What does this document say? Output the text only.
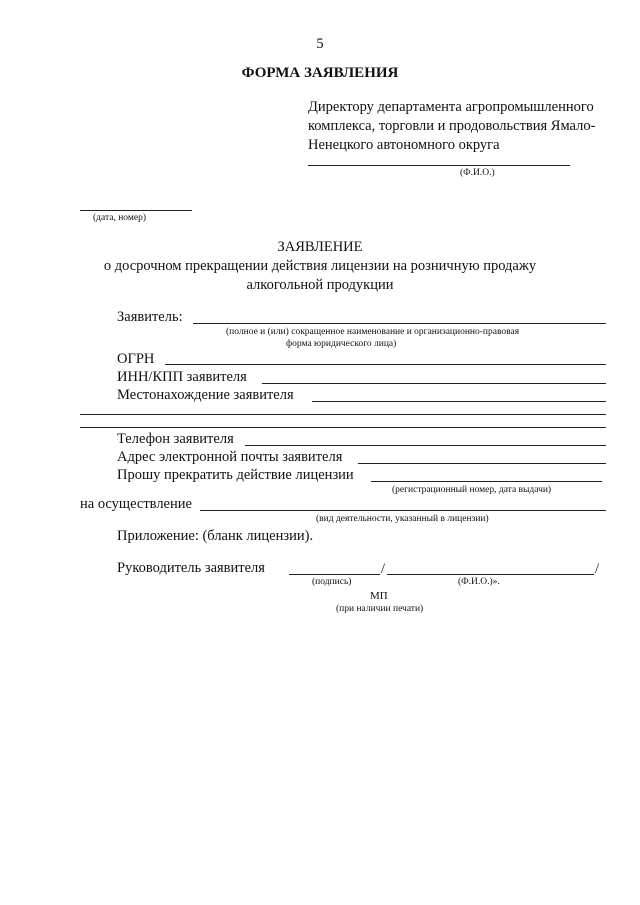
5
ФОРМА ЗАЯВЛЕНИЯ
Директору департамента агропромышленного
комплекса, торговли и продовольствия Ямало-
Ненецкого автономного округа
(Ф.И.О.)
(дата, номер)
ЗАЯВЛЕНИЕ
о досрочном прекращении действия лицензии на розничную продажу
алкогольной продукции
Заявитель:
(полное и (или) сокращенное наименование и организационно-правовая
форма юридического лица)
ОГРН
ИНН/КПП заявителя
Местонахождение заявителя
Телефон заявителя
Адрес электронной почты заявителя
Прошу прекратить действие лицензии
(регистрационный номер, дата выдачи)
на осуществление
(вид деятельности, указанный в лицензии)
Приложение: (бланк лицензии).
Руководитель заявителя	/	/
(подпись)	(Ф.И.О.)».
МП
(при наличии печати)
